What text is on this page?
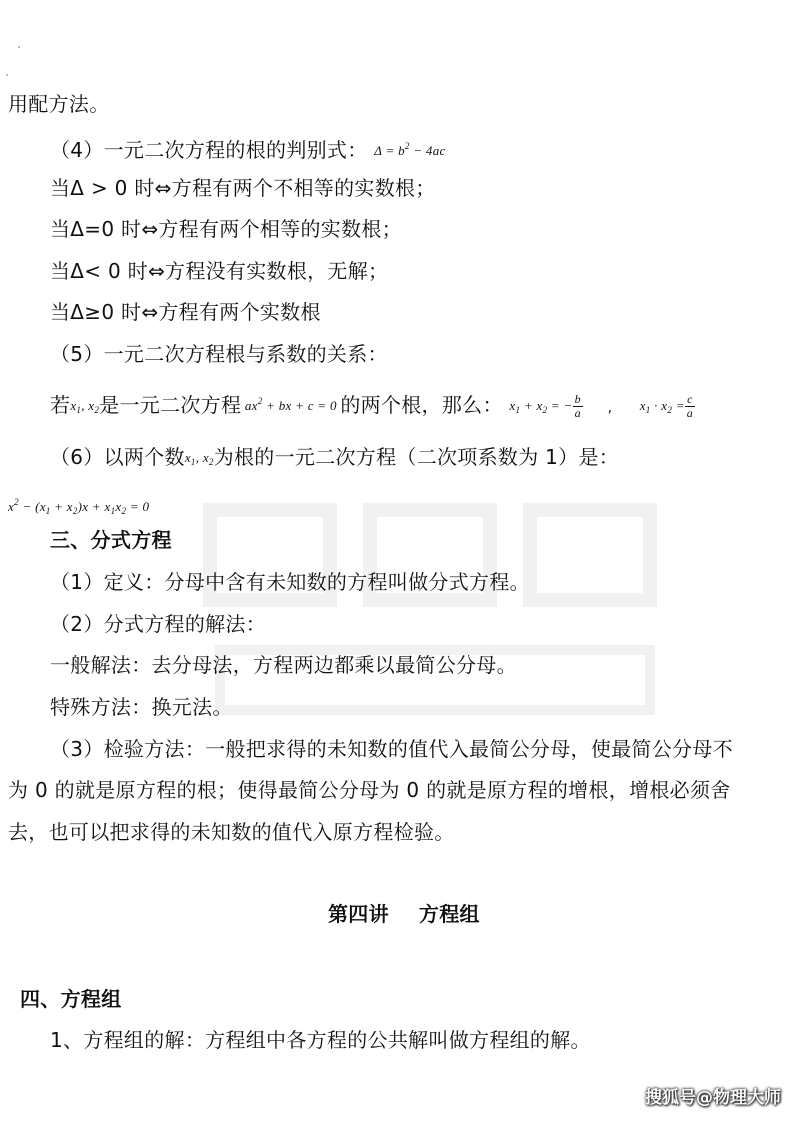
用配方法。
（4）一元二次方程的根的判别式： $\Delta = b^2 - 4ac$
当Δ > 0 时⇔方程有两个不相等的实数根；
当Δ=0 时⇔方程有两个相等的实数根；
当Δ< 0 时⇔方程没有实数根，无解；
当Δ≥0 时⇔方程有两个实数根
（5）一元二次方程根与系数的关系：
若$x_1$, $x_2$是一元二次方程 $ax^2$ + bx + c = 0 的两个根，那么： $x_1 + x_2$ = − $\frac{b}{a}$ , $x_1 \cdot x_2 = \frac{c}{a}$
（6）以两个数$x_1$, $x_2$为根的一元二次方程（二次项系数为 1）是：
$x^2 - (x_1 + x_2)x + x_1x_2 = 0$
三、分式方程
（1）定义：分母中含有未知数的方程叫做分式方程。
（2）分式方程的解法：
一般解法：去分母法，方程两边都乘以最简公分母。
特殊方法：换元法。
（3）检验方法：一般把求得的未知数的值代入最简公分母，使最简公分母不
为 0 的就是原方程的根；使得最简公分母为 0 的就是原方程的增根，增根必须舍
去，也可以把求得的未知数的值代入原方程检验。
第四讲 方程组
四、方程组
1、方程组的解：方程组中各方程的公共解叫做方程组的解。
搜狐号@物理大师
